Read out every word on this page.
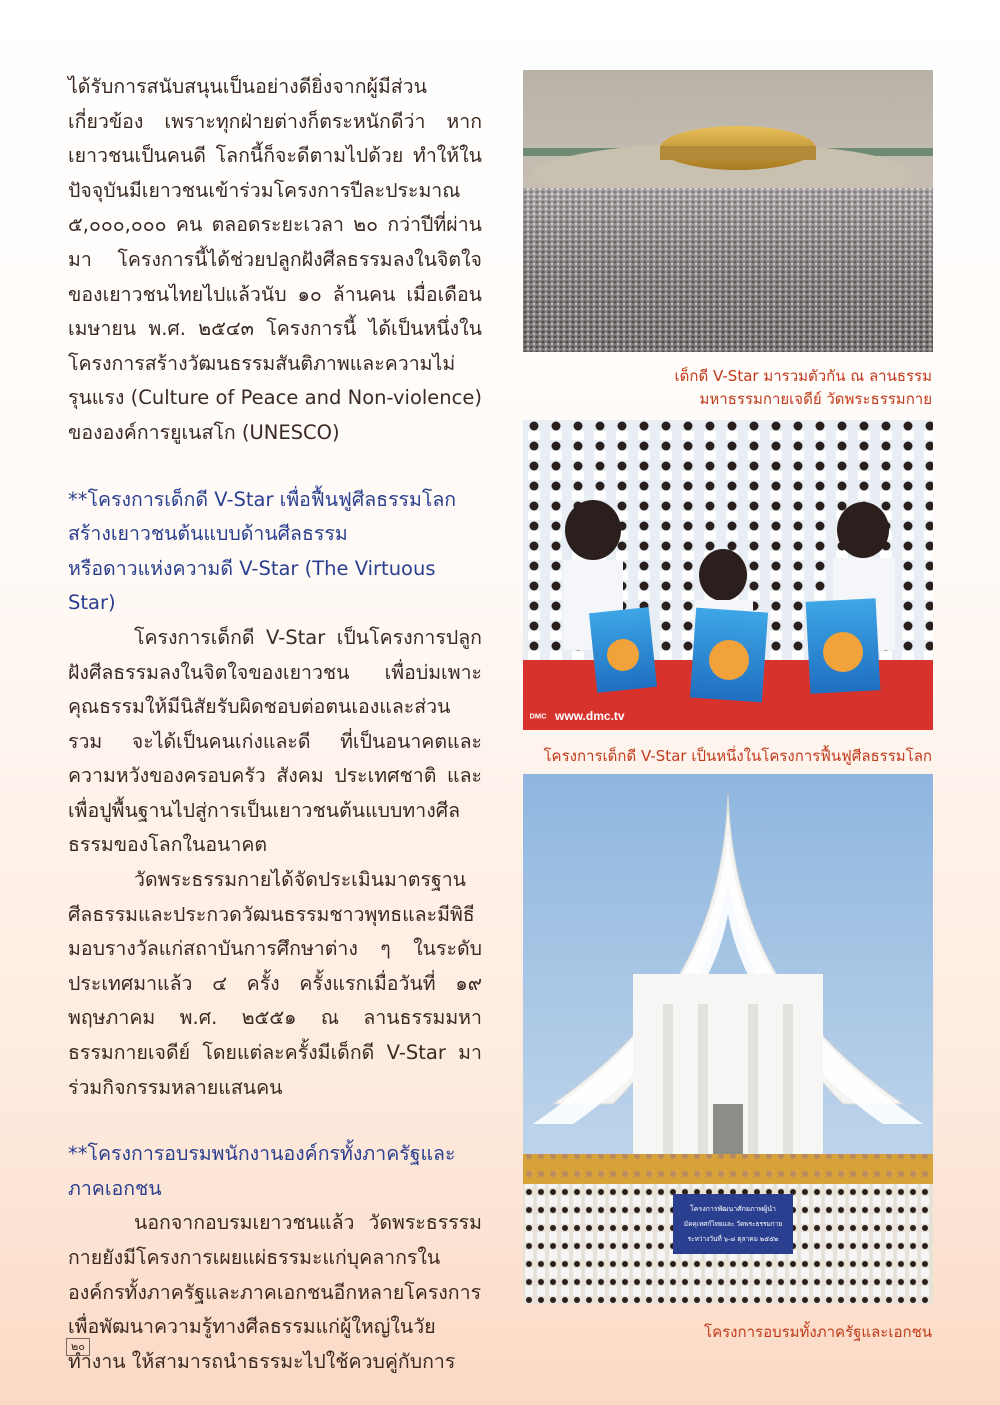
ได้รับการสนับสนุนเป็นอย่างดียิ่งจากผู้มีส่วนเกี่ยวข้อง เพราะทุกฝ่ายต่างก็ตระหนักดีว่า หากเยาวชนเป็นคนดี โลกนี้ก็จะดีตามไปด้วย ทำให้ในปัจจุบันมีเยาวชนเข้าร่วมโครงการปีละประมาณ ๕,๐๐๐,๐๐๐ คน ตลอดระยะเวลา ๒๐ กว่าปีที่ผ่านมา โครงการนี้ได้ช่วยปลูกฝังศีลธรรมลงในจิตใจของเยาวชนไทยไปแล้วนับ ๑๐ ล้านคน เมื่อเดือนเมษายน พ.ศ. ๒๕๔๓ โครงการนี้ ได้เป็นหนึ่งในโครงการสร้างวัฒนธรรมสันติภาพและความไม่รุนแรง (Culture of Peace and Non-violence) ขององค์การยูเนสโก (UNESCO)

**โครงการเด็กดี V-Star เพื่อฟื้นฟูศีลธรรมโลก

สร้างเยาวชนต้นแบบด้านศีลธรรม

หรือดาวแห่งความดี V-Star (The Virtuous Star)

โครงการเด็กดี V-Star เป็นโครงการปลูกฝังศีลธรรมลงในจิตใจของเยาวชน เพื่อบ่มเพาะคุณธรรมให้มีนิสัยรับผิดชอบต่อตนเองและส่วนรวม จะได้เป็นคนเก่งและดี ที่เป็นอนาคตและความหวังของครอบครัว สังคม ประเทศชาติ และเพื่อปูพื้นฐานไปสู่การเป็นเยาวชนต้นแบบทางศีลธรรมของโลกในอนาคต

วัดพระธรรมกายได้จัดประเมินมาตรฐานศีลธรรมและประกวดวัฒนธรรมชาวพุทธและมีพิธีมอบรางวัลแก่สถาบันการศึกษาต่าง ๆ ในระดับประเทศมาแล้ว ๔ ครั้ง ครั้งแรกเมื่อวันที่ ๑๙ พฤษภาคม พ.ศ. ๒๕๕๑ ณ ลานธรรมมหาธรรมกายเจดีย์ โดยแต่ละครั้งมีเด็กดี V-Star มาร่วมกิจกรรมหลายแสนคน

**โครงการอบรมพนักงานองค์กรทั้งภาครัฐและ

ภาคเอกชน

นอกจากอบรมเยาวชนแล้ว วัดพระธรรรมกายยังมีโครงการเผยแผ่ธรรมะแก่บุคลากรในองค์กรทั้งภาครัฐและภาคเอกชนอีกหลายโครงการ เพื่อพัฒนาความรู้ทางศีลธรรมแก่ผู้ใหญ่ในวัยทำงาน ให้สามารถนำธรรมะไปใช้ควบคู่กับการ

เด็กดี V-Star มารวมตัวกัน ณ ลานธรรม

มหาธรรมกายเจดีย์ วัดพระธรรมกาย

DMC www.dmc.tv

โครงการเด็กดี V-Star เป็นหนึ่งในโครงการฟื้นฟูศีลธรรมโลก

โครงการพัฒนาศักยภาพผู้นำ
มัคคุเทศก์ไทยและ วัดพระธรรมกาย
ระหว่างวันที่ ๖-๘ ตุลาคม ๒๕๕๒

โครงการอบรมทั้งภาครัฐและเอกชน

๒๐
